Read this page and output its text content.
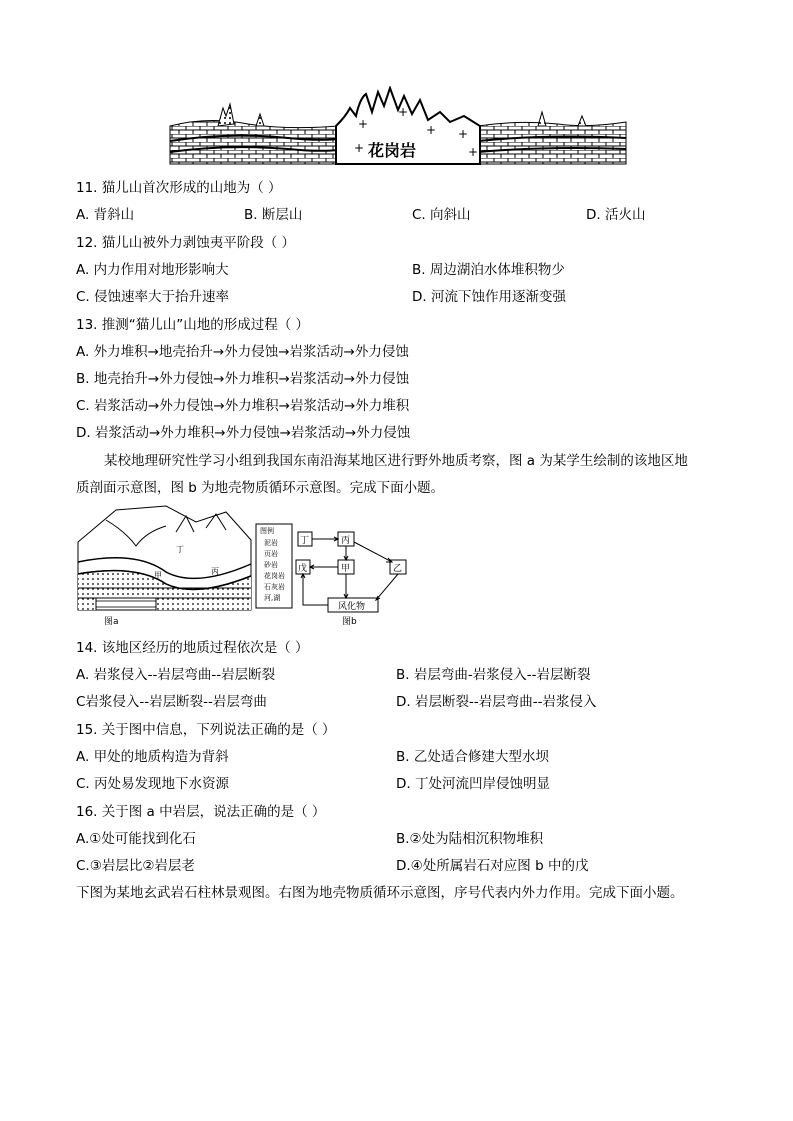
+
+
+
+	+
+
花岗岩
11. 猫儿山首次形成的山地为（ ）
A. 背斜山	B. 断层山	C. 向斜山	D. 活火山
12. 猫儿山被外力剥蚀夷平阶段（ ）
A. 内力作用对地形影响大	B. 周边湖泊水体堆积物少
C. 侵蚀速率大于抬升速率	D. 河流下蚀作用逐渐变强
13. 推测“猫儿山”山地的形成过程（ ）
A. 外力堆积→地壳抬升→外力侵蚀→岩浆活动→外力侵蚀
B. 地壳抬升→外力侵蚀→外力堆积→岩浆活动→外力侵蚀
C. 岩浆活动→外力侵蚀→外力堆积→岩浆活动→外力堆积
D. 岩浆活动→外力堆积→外力侵蚀→岩浆活动→外力侵蚀
某校地理研究性学习小组到我国东南沿海某地区进行野外地质考察，图 a 为某学生绘制的该地区地
质剖面示意图，图 b 为地壳物质循环示意图。完成下面小题。
甲	丙
丁
图例
泥岩
页岩
砂岩
花岗岩
石灰岩
河,湖
丁	丙
戊	甲	乙
风化物
图a	图b
14. 该地区经历的地质过程依次是（ ）
A. 岩浆侵入--岩层弯曲--岩层断裂	B. 岩层弯曲-岩浆侵入--岩层断裂
C岩浆侵入--岩层断裂--岩层弯曲	D. 岩层断裂--岩层弯曲--岩浆侵入
15. 关于图中信息，下列说法正确的是（ ）
A. 甲处的地质构造为背斜	B. 乙处适合修建大型水坝
C. 丙处易发现地下水资源	D. 丁处河流凹岸侵蚀明显
16. 关于图 a 中岩层，说法正确的是（ ）
A.①处可能找到化石	B.②处为陆相沉积物堆积
C.③岩层比②岩层老	D.④处所属岩石对应图 b 中的戊
下图为某地玄武岩石柱林景观图。右图为地壳物质循环示意图，序号代表内外力作用。完成下面小题。
